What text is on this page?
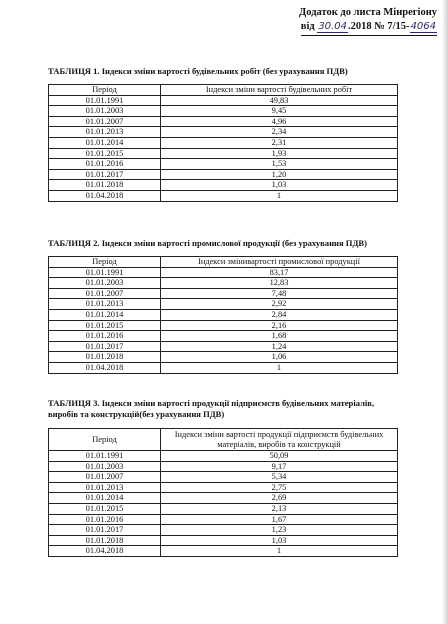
Додаток до листа Мінрегіону
від 30.04.2018 № 7/15-4064
ТАБЛИЦЯ 1. Індекси зміни вартості будівельних робіт (без урахування ПДВ)
Період	Індекси зміни вартості будівельних робіт
01.01.1991	49,83
01.01.2003	9,45
01.01.2007	4,96
01.01.2013	2,34
01.01.2014	2,31
01.01.2015	1,93
01.01.2016	1,53
01.01.2017	1,20
01.01.2018	1,03
01.04.2018	1
ТАБЛИЦЯ 2. Індекси зміни вартості промислової продукції (без урахування ПДВ)
Період	Індекси змінивартості промислової продукції
01.01.1991	83,17
01.01.2003	12,83
01.01.2007	7,48
01.01.2013	2,92
01.01.2014	2,84
01.01.2015	2,16
01.01.2016	1,68
01.01.2017	1,24
01.01.2018	1,06
01.04.2018	1
ТАБЛИЦЯ 3. Індекси зміни вартості продукції підприємств будівельних матеріалів,
виробів та конструкцій(без урахування ПДВ)
Період	Індекси зміни вартості продукції підприємств будівельних матеріалів, виробів та конструкцій
01.01.1991	50,09
01.01.2003	9,17
01.01.2007	5,34
01.01.2013	2,75
01.01.2014	2,69
01.01.2015	2,13
01.01.2016	1,67
01.01.2017	1,23
01.01.2018	1,03
01.04.2018	1
